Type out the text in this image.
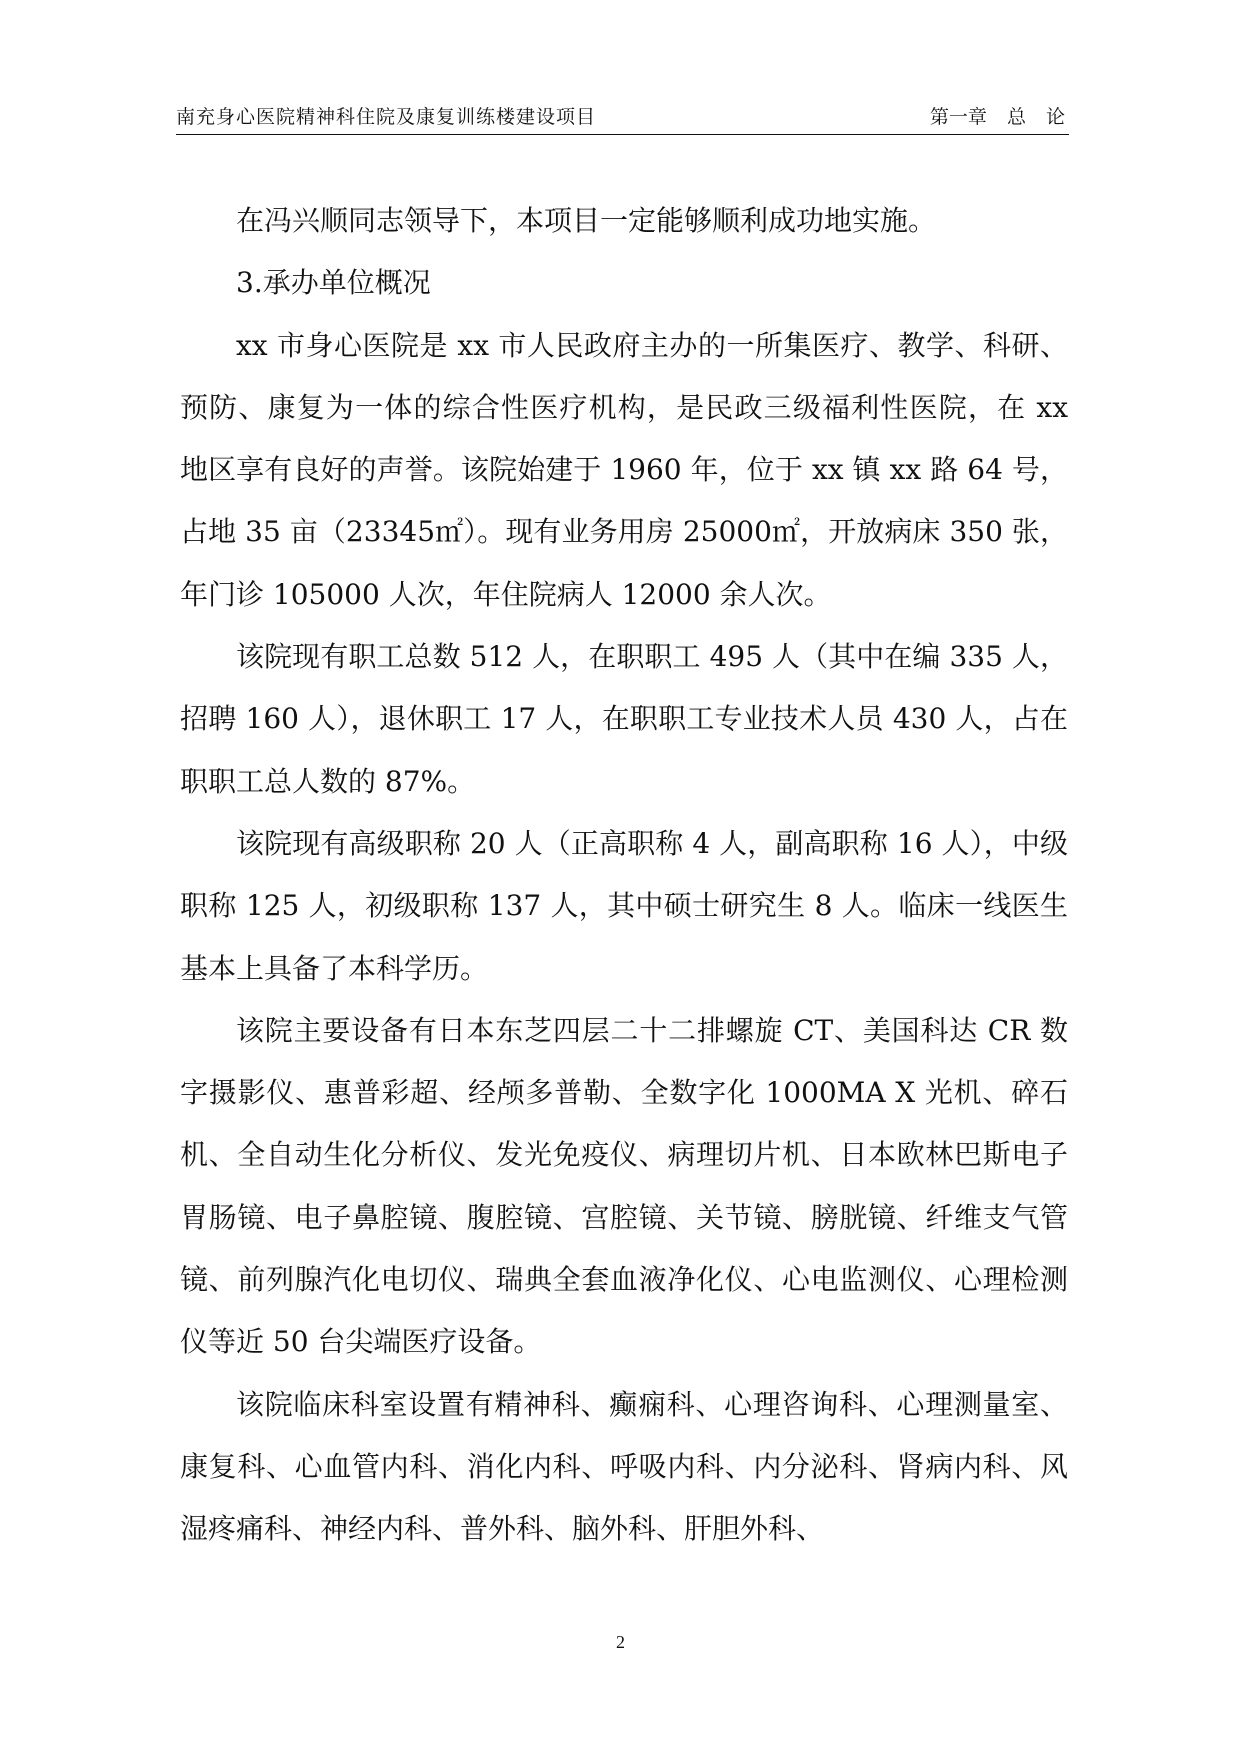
南充身心医院精神科住院及康复训练楼建设项目	第一章 总 论

在冯兴顺同志领导下，本项目一定能够顺利成功地实施。

3.承办单位概况

xx 市身心医院是 xx 市人民政府主办的一所集医疗、教学、科研、预防、康复为一体的综合性医疗机构，是民政三级福利性医院，在 xx 地区享有良好的声誉。该院始建于 1960 年，位于 xx 镇 xx 路 64 号，占地 35 亩（23345㎡）。现有业务用房 25000㎡，开放病床 350 张，年门诊 105000 人次，年住院病人 12000 余人次。

该院现有职工总数 512 人，在职职工 495 人（其中在编 335 人，招聘 160 人），退休职工 17 人，在职职工专业技术人员 430 人，占在职职工总人数的 87%。

该院现有高级职称 20 人（正高职称 4 人，副高职称 16 人），中级职称 125 人，初级职称 137 人，其中硕士研究生 8 人。临床一线医生基本上具备了本科学历。

该院主要设备有日本东芝四层二十二排螺旋 CT、美国科达 CR 数字摄影仪、惠普彩超、经颅多普勒、全数字化 1000MA X 光机、碎石机、全自动生化分析仪、发光免疫仪、病理切片机、日本欧林巴斯电子胃肠镜、电子鼻腔镜、腹腔镜、宫腔镜、关节镜、膀胱镜、纤维支气管镜、前列腺汽化电切仪、瑞典全套血液净化仪、心电监测仪、心理检测仪等近 50 台尖端医疗设备。

该院临床科室设置有精神科、癫痫科、心理咨询科、心理测量室、康复科、心血管内科、消化内科、呼吸内科、内分泌科、肾病内科、风湿疼痛科、神经内科、普外科、脑外科、肝胆外科、

2
